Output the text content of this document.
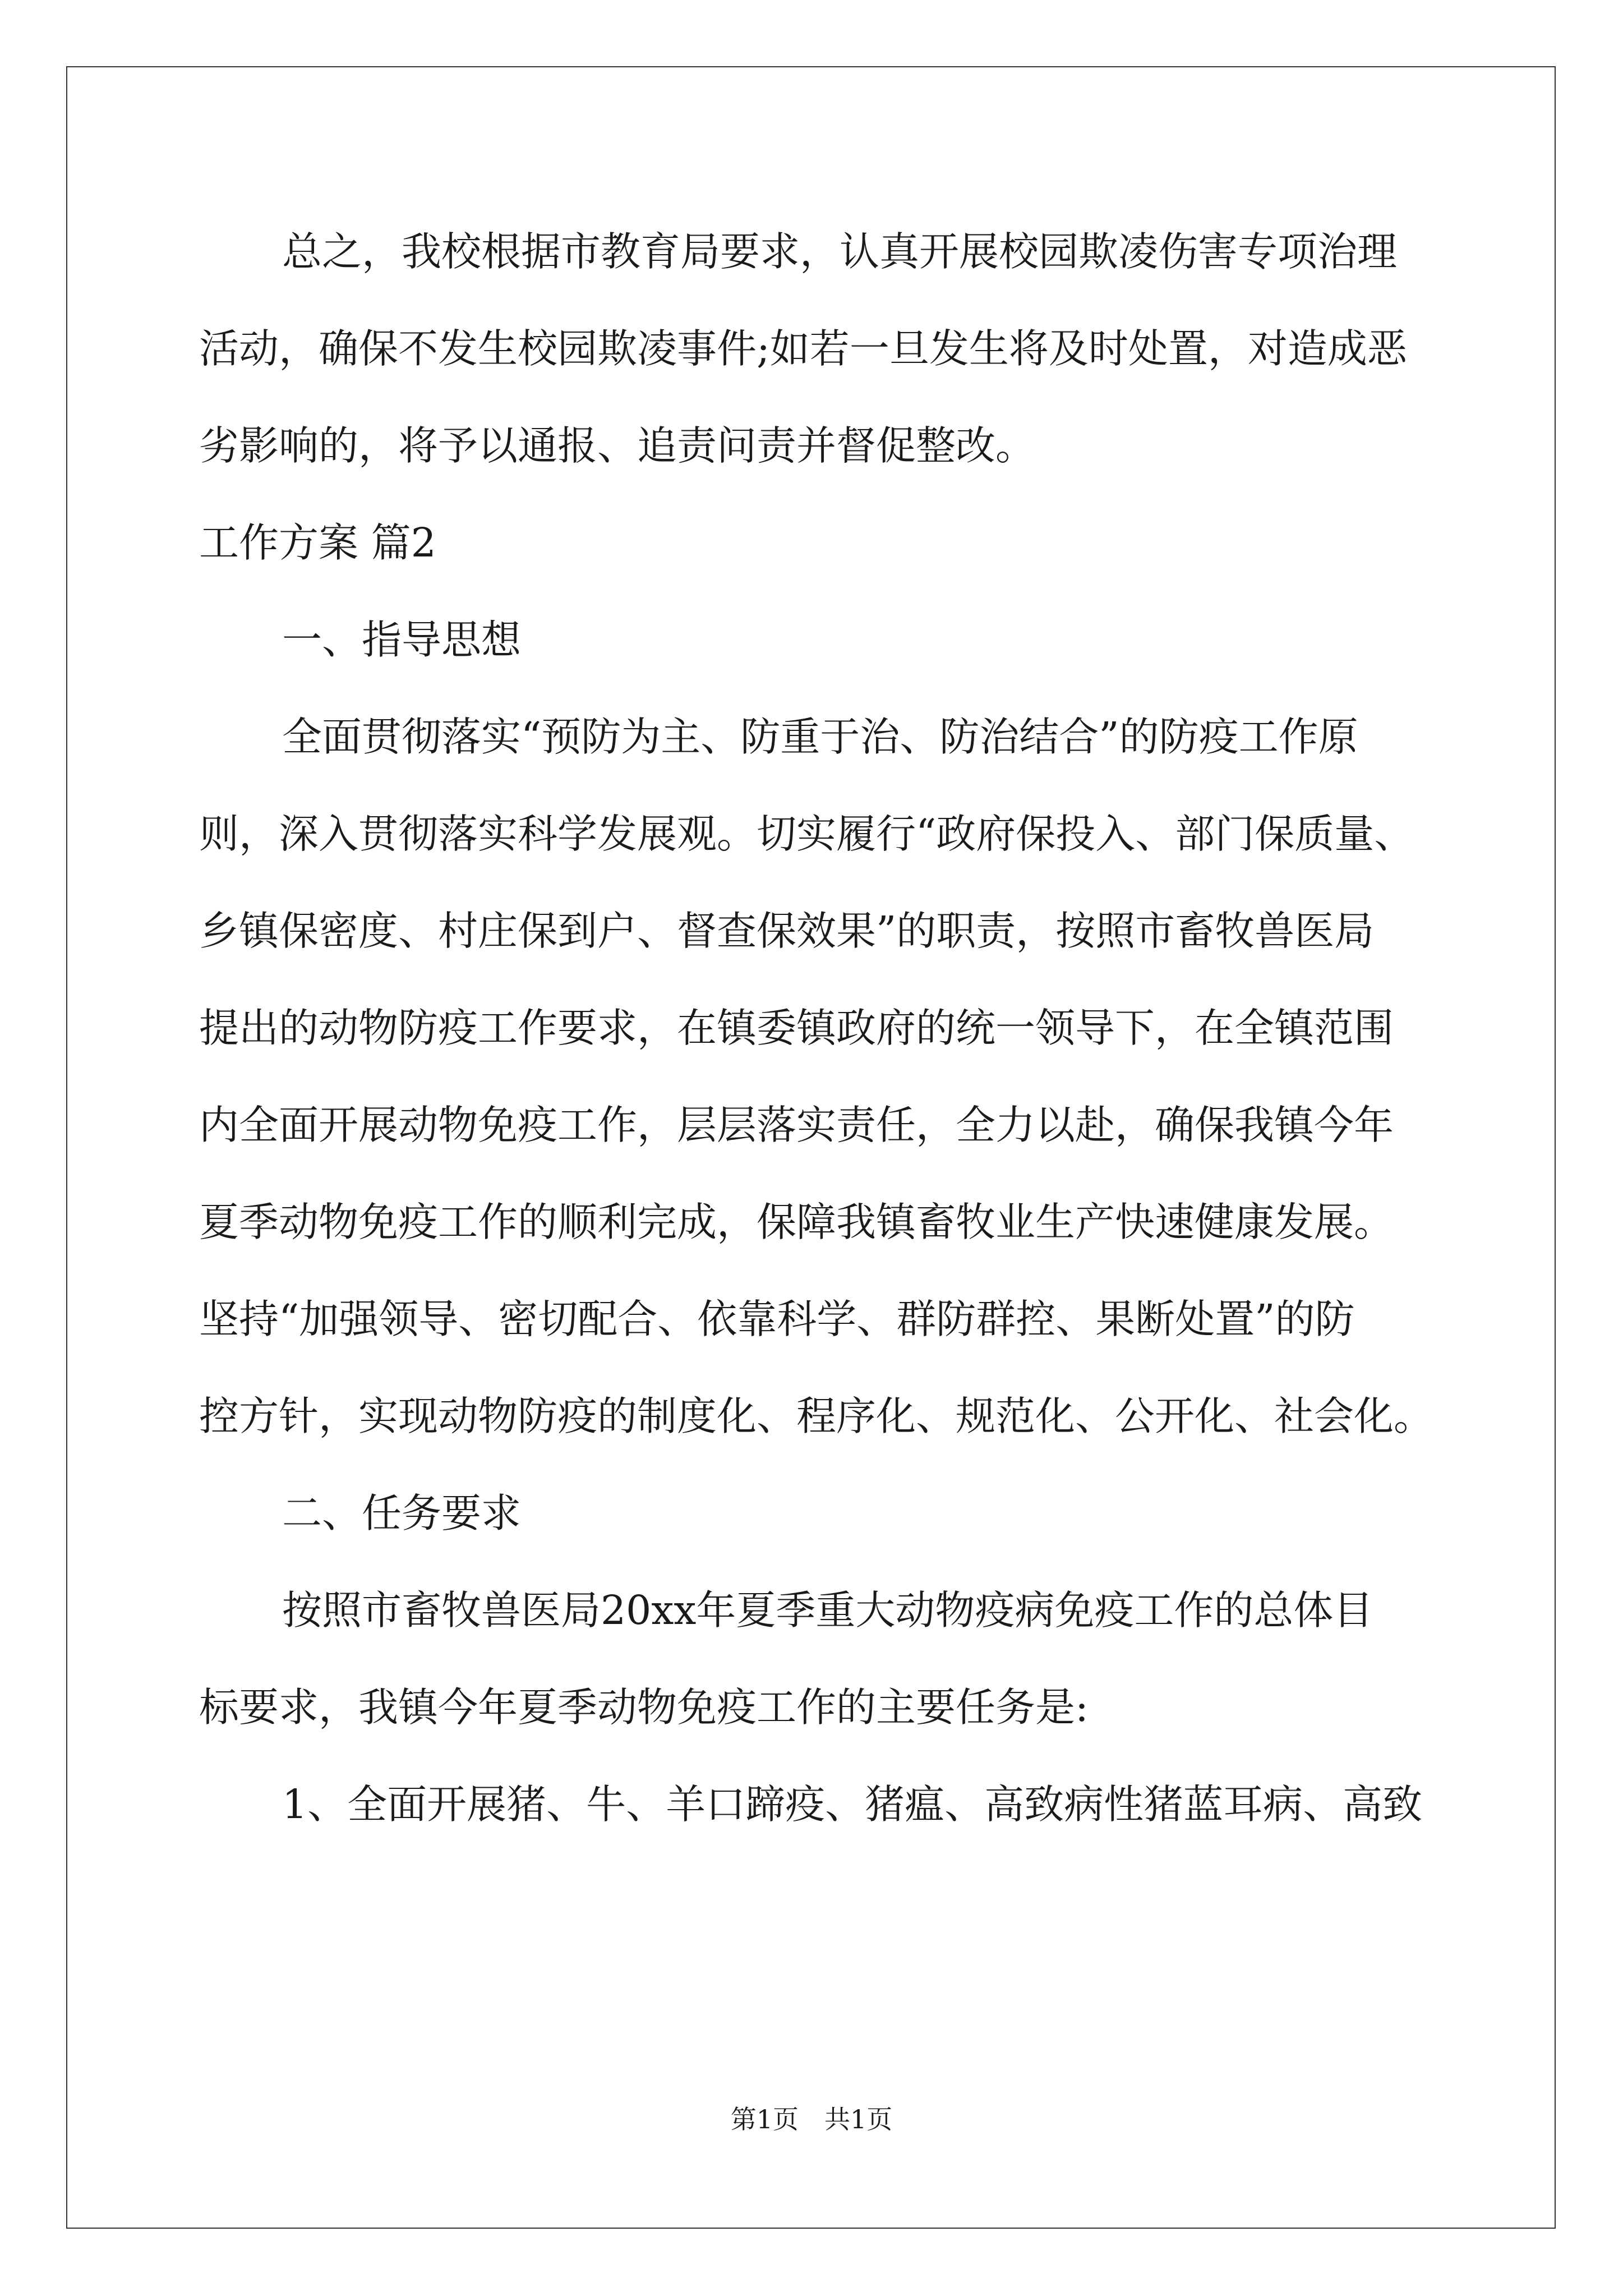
总之，我校根据市教育局要求，认真开展校园欺凌伤害专项治理

活动，确保不发生校园欺凌事件;如若一旦发生将及时处置，对造成恶

劣影响的，将予以通报、追责问责并督促整改。

工作方案 篇2

一、指导思想

全面贯彻落实“预防为主、防重于治、防治结合”的防疫工作原

则，深入贯彻落实科学发展观。切实履行“政府保投入、部门保质量、

乡镇保密度、村庄保到户、督查保效果”的职责，按照市畜牧兽医局

提出的动物防疫工作要求，在镇委镇政府的统一领导下，在全镇范围

内全面开展动物免疫工作，层层落实责任，全力以赴，确保我镇今年

夏季动物免疫工作的顺利完成，保障我镇畜牧业生产快速健康发展。

坚持“加强领导、密切配合、依靠科学、群防群控、果断处置”的防

控方针，实现动物防疫的制度化、程序化、规范化、公开化、社会化。

二、任务要求

按照市畜牧兽医局20xx年夏季重大动物疫病免疫工作的总体目

标要求，我镇今年夏季动物免疫工作的主要任务是:

1、全面开展猪、牛、羊口蹄疫、猪瘟、高致病性猪蓝耳病、高致

第1页　共1页
